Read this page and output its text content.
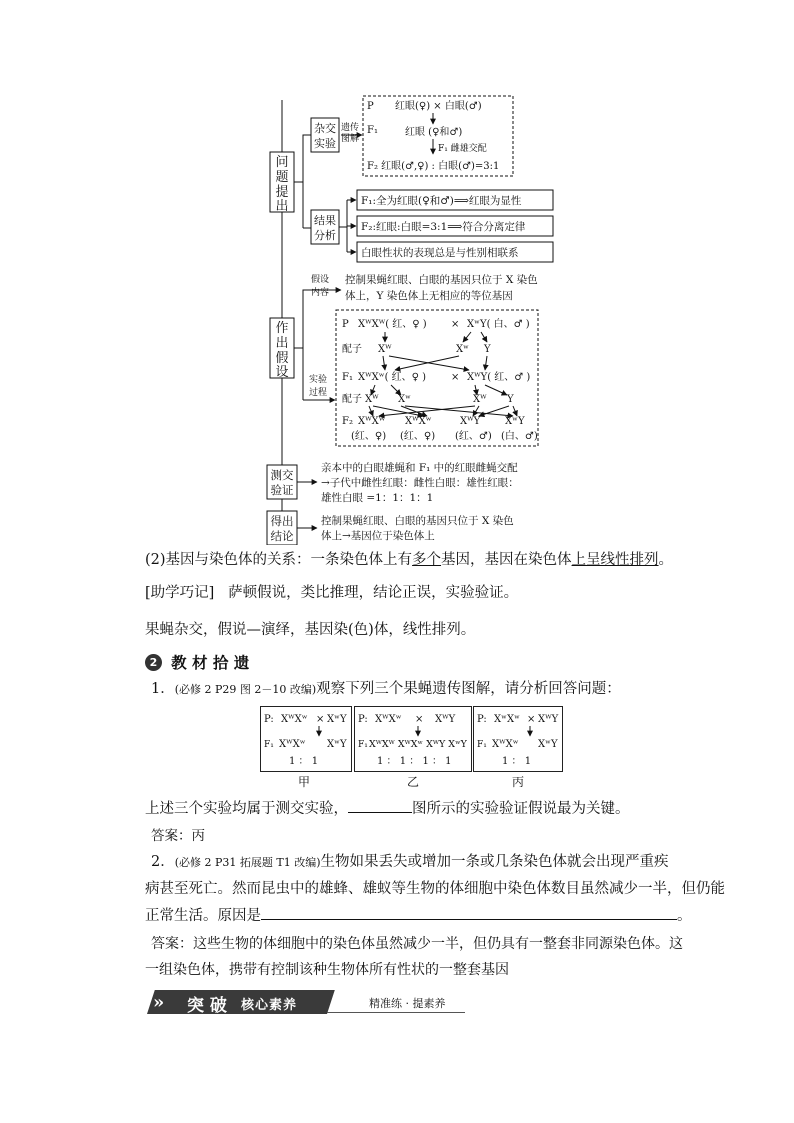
问
题
提
出
杂交
实验
遗传
图解
P 红眼(♀) × 白眼(♂)
F₁	红眼 (♀和♂)
F₁ 雌雄交配
F₂ 红眼(♂,♀) : 白眼(♂)=3:1
结果
分析
F₁:全为红眼(♀和♂)⟹红眼为显性
F₂:红眼:白眼=3:1⟹符合分离定律
白眼性状的表现总是与性别相联系
作
出
假
设
假设
内容
控制果蝇红眼、白眼的基因只位于 X 染色
体上，Y 染色体上无相应的等位基因
实验
过程
P XᵂXᵂ( 红、♀ ) × XʷY( 白、♂ )
配子 Xᵂ	Xʷ Y
F₁ XᵂXʷ( 红、♀ ) × XᵂY( 红、♂ )
配子 Xᵂ Xʷ	Xᵂ Y
F₂ XᵂXᵂ XᵂXʷ	XᵂY XʷY
(红、♀) (红、♀) (红、♂) (白、♂)
测交
验证
亲本中的白眼雄蝇和 F₁ 中的红眼雌蝇交配
→子代中雌性红眼：雌性白眼：雄性红眼：
雄性白眼 =1：1：1：1
得出
结论
控制果蝇红眼、白眼的基因只位于 X 染色
体上→基因位于染色体上
(2)基因与染色体的关系：一条染色体上有多个基因，基因在染色体上呈线性排列。
[助学巧记] 萨顿假说，类比推理，结论正误，实验验证。
果蝇杂交，假说—演绎，基因染(色)体，线性排列。
2 教 材 拾 遗
1．(必修 2 P29 图 2－10 改编)观察下列三个果蝇遗传图解，请分析回答问题：
P: XᵂXʷ × XʷY
F₁ XᵂXʷ XʷY
1 ： 1
甲
P: XᵂXʷ × XᵂY
F₁ XᵂXᵂ XᵂXʷ XᵂY XʷY
1 ： 1 ： 1 ： 1
乙
P: XʷXʷ × XᵂY
F₁ XᵂXʷ XʷY
1 ： 1
丙
上述三个实验均属于测交实验，	图所示的实验验证假说最为关键。
答案：丙
2．(必修 2 P31 拓展题 T1 改编)生物如果丢失或增加一条或几条染色体就会出现严重疾
病甚至死亡。然而昆虫中的雄蜂、雄蚁等生物的体细胞中染色体数目虽然减少一半，但仍能
正常生活。原因是	。
答案：这些生物的体细胞中的染色体虽然减少一半，但仍具有一整套非同源染色体。这
一组染色体，携带有控制该种生物体所有性状的一整套基因
» 突 破 核心素养	精准练 · 提素养
